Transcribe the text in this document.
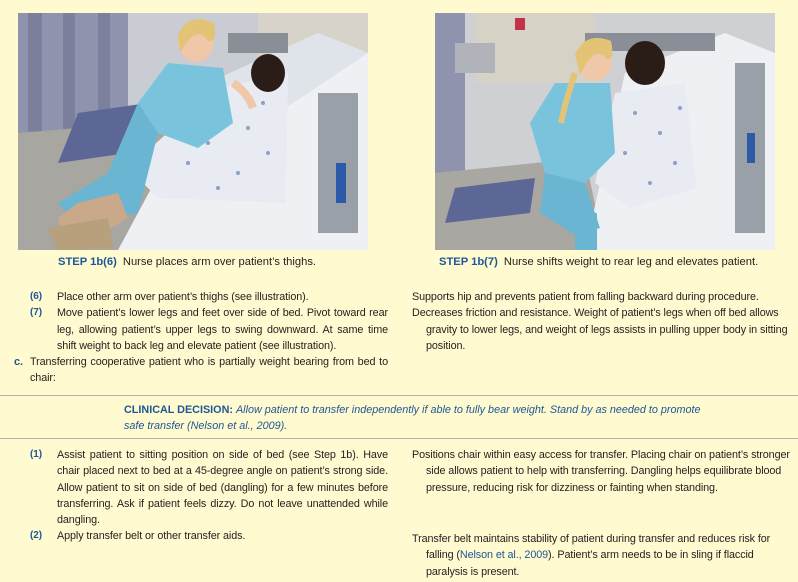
STEP 1b(6) Nurse places arm over patient’s thighs.	STEP 1b(7) Nurse shifts weight to rear leg and elevates patient.
(6) Place other arm over patient’s thighs (see illustration).
(7) Move patient’s lower legs and feet over side of bed. Pivot toward rear leg, allowing patient’s upper legs to swing downward. At same time shift weight to back leg and elevate patient (see illustration).
c. Transferring cooperative patient who is partially weight bearing from bed to chair:
Supports hip and prevents patient from falling backward during procedure.
Decreases friction and resistance. Weight of patient’s legs when off bed allows gravity to lower legs, and weight of legs assists in pulling upper body in sitting position.
CLINICAL DECISION: Allow patient to transfer independently if able to fully bear weight. Stand by as needed to promote safe transfer (Nelson et al., 2009).
(1) Assist patient to sitting position on side of bed (see Step 1b). Have chair placed next to bed at a 45-degree angle on patient’s strong side. Allow patient to sit on side of bed (dangling) for a few minutes before transferring. Ask if patient feels dizzy. Do not leave unattended while dangling.
(2) Apply transfer belt or other transfer aids.
Positions chair within easy access for transfer. Placing chair on patient’s stronger side allows patient to help with transferring. Dangling helps equilibrate blood pressure, reducing risk for dizziness or fainting when standing.
Transfer belt maintains stability of patient during transfer and reduces risk for falling (Nelson et al., 2009). Patient’s arm needs to be in sling if flaccid paralysis is present.
